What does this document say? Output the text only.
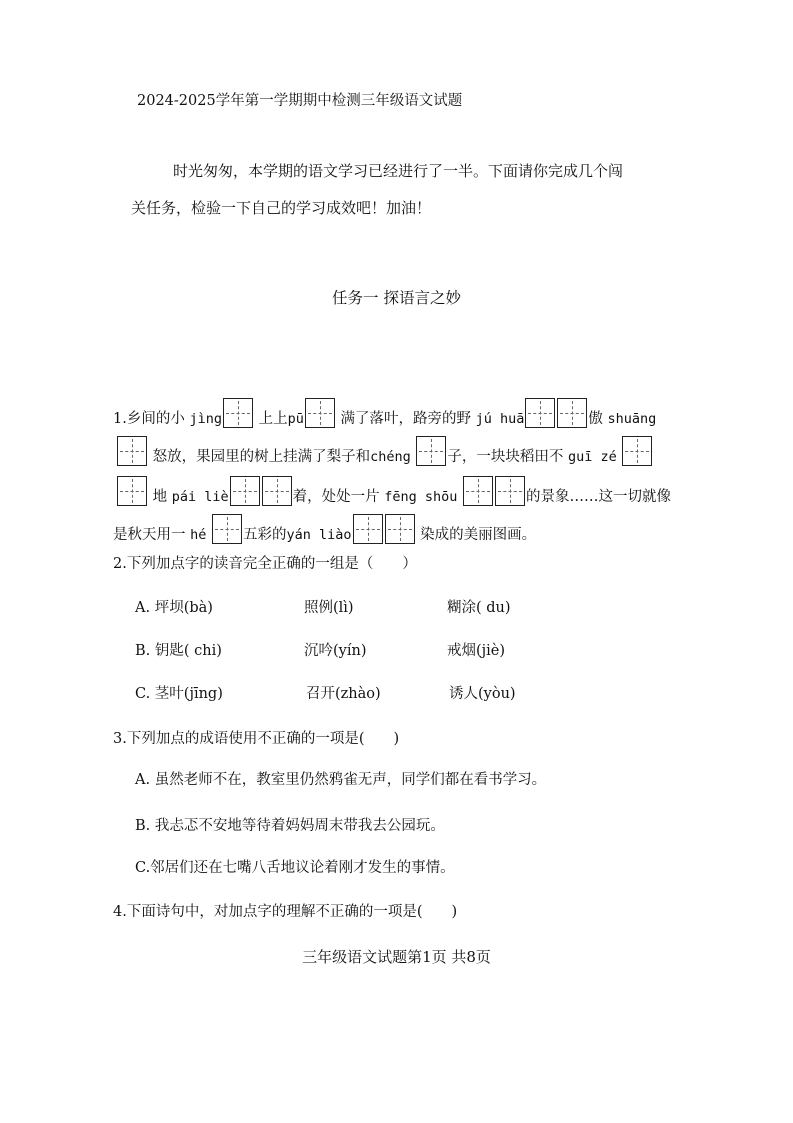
2024-2025学年第一学期期中检测三年级语文试题
时光匆匆，本学期的语文学习已经进行了一半。下面请你完成几个闯
关任务，检验一下自己的学习成效吧！加油！
任务一 探语言之妙
1.乡间的小 jìng	上上pū	满了落叶，路旁的野 jú huā	傲 shuāng
怒放，果园里的树上挂满了梨子和chéng	子，一块块稻田不 guī zé
地 pái liè	着，处处一片 fēng shōu	的景象……这一切就像
是秋天用一 hé	五彩的yán liào	染成的美丽图画。
2.下列加点字的读音完全正确的一组是（　　）
A. 坪坝(bà)	照例(lì)	糊涂( du)
B. 钥匙( chi)	沉吟(yín)	戒烟(jiè)
C. 茎叶(jīng)	召开(zhào)	诱人(yòu)
3.下列加点的成语使用不正确的一项是(　　)
A. 虽然老师不在，教室里仍然鸦雀无声，同学们都在看书学习。
B. 我忐忑不安地等待着妈妈周末带我去公园玩。
C.邻居们还在七嘴八舌地议论着刚才发生的事情。
4.下面诗句中，对加点字的理解不正确的一项是(　　)
三年级语文试题第1页 共8页
